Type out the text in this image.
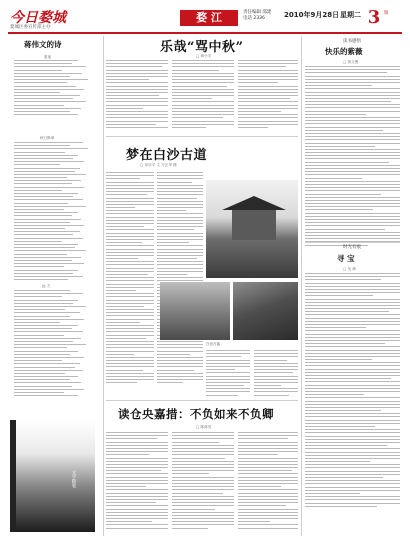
今日婺城
婺城区委宣传部主办
婺 江	责任编辑 邵建
电话 2336	2010年9月28日 星期二 3 版
蒋伟文的诗
夏夜
秋日断章
远 方
文学随笔
乐哉“骂中秋”
□ 章小平
梦在白沙古道
□ 邓乐平 文 方正华 摄
白沙古庙
读仓央嘉措：不负如来不负卿
□ 陈林茂
读书感悟
快乐的紫薇
□ 蒋文俊
时光有痕
寻 宝
□ 吴 珍
